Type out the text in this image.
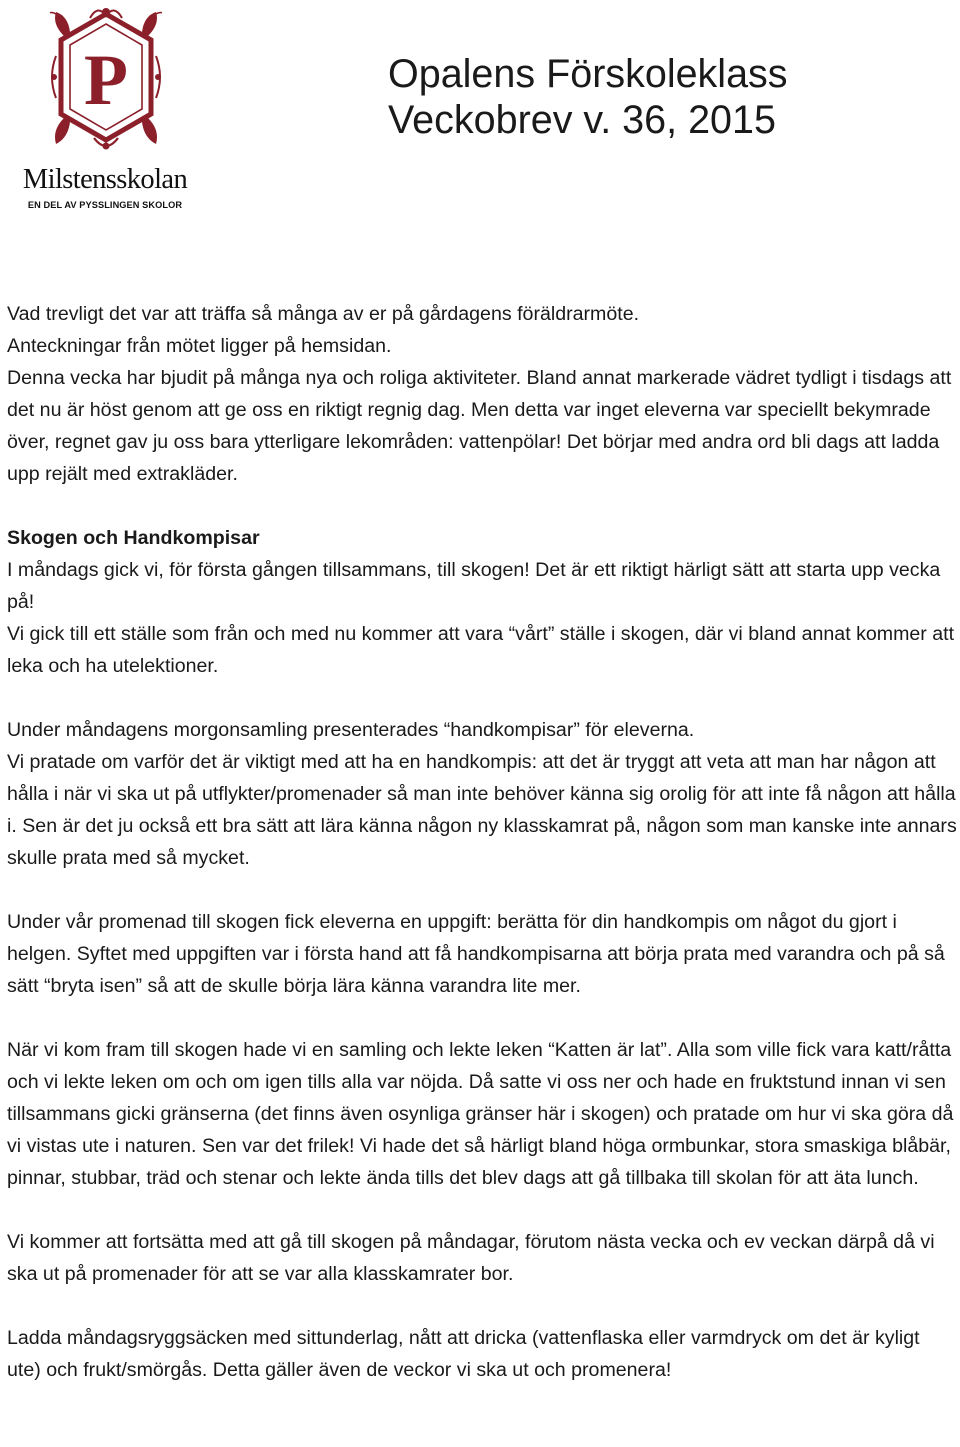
P
Milstensskolan
EN DEL AV PYSSLINGEN SKOLOR
Opalens Förskoleklass
Veckobrev v. 36, 2015

Vad trevligt det var att träffa så många av er på gårdagens föräldrarmöte.

Anteckningar från mötet ligger på hemsidan.

Denna vecka har bjudit på många nya och roliga aktiviteter. Bland annat markerade vädret tydligt i tisdags att det nu är höst genom att ge oss en riktigt regnig dag. Men detta var inget eleverna var speciellt bekymrade över, regnet gav ju oss bara ytterligare lekområden: vattenpölar! Det börjar med andra ord bli dags att ladda upp rejält med extrakläder.

Skogen och Handkompisar

I måndags gick vi, för första gången tillsammans, till skogen! Det är ett riktigt härligt sätt att starta upp vecka på!

Vi gick till ett ställe som från och med nu kommer att vara “vårt” ställe i skogen, där vi bland annat kommer att leka och ha utelektioner.

Under måndagens morgonsamling presenterades “handkompisar” för eleverna.

Vi pratade om varför det är viktigt med att ha en handkompis: att det är tryggt att veta att man har någon att hålla i när vi ska ut på utflykter/promenader så man inte behöver känna sig orolig för att inte få någon att hålla i. Sen är det ju också ett bra sätt att lära känna någon ny klasskamrat på, någon som man kanske inte annars skulle prata med så mycket.

Under vår promenad till skogen fick eleverna en uppgift: berätta för din handkompis om något du gjort i helgen. Syftet med uppgiften var i första hand att få handkompisarna att börja prata med varandra och på så sätt “bryta isen” så att de skulle börja lära känna varandra lite mer.

När vi kom fram till skogen hade vi en samling och lekte leken “Katten är lat”. Alla som ville fick vara katt/råtta och vi lekte leken om och om igen tills alla var nöjda. Då satte vi oss ner och hade en fruktstund innan vi sen tillsammans gicki gränserna (det finns även osynliga gränser här i skogen) och pratade om hur vi ska göra då vi vistas ute i naturen. Sen var det frilek! Vi hade det så härligt bland höga ormbunkar, stora smaskiga blåbär, pinnar, stubbar, träd och stenar och lekte ända tills det blev dags att gå tillbaka till skolan för att äta lunch.

Vi kommer att fortsätta med att gå till skogen på måndagar, förutom nästa vecka och ev veckan därpå då vi ska ut på promenader för att se var alla klasskamrater bor.

Ladda måndagsryggsäcken med sittunderlag, nått att dricka (vattenflaska eller varmdryck om det är kyligt ute) och frukt/smörgås. Detta gäller även de veckor vi ska ut och promenera!
